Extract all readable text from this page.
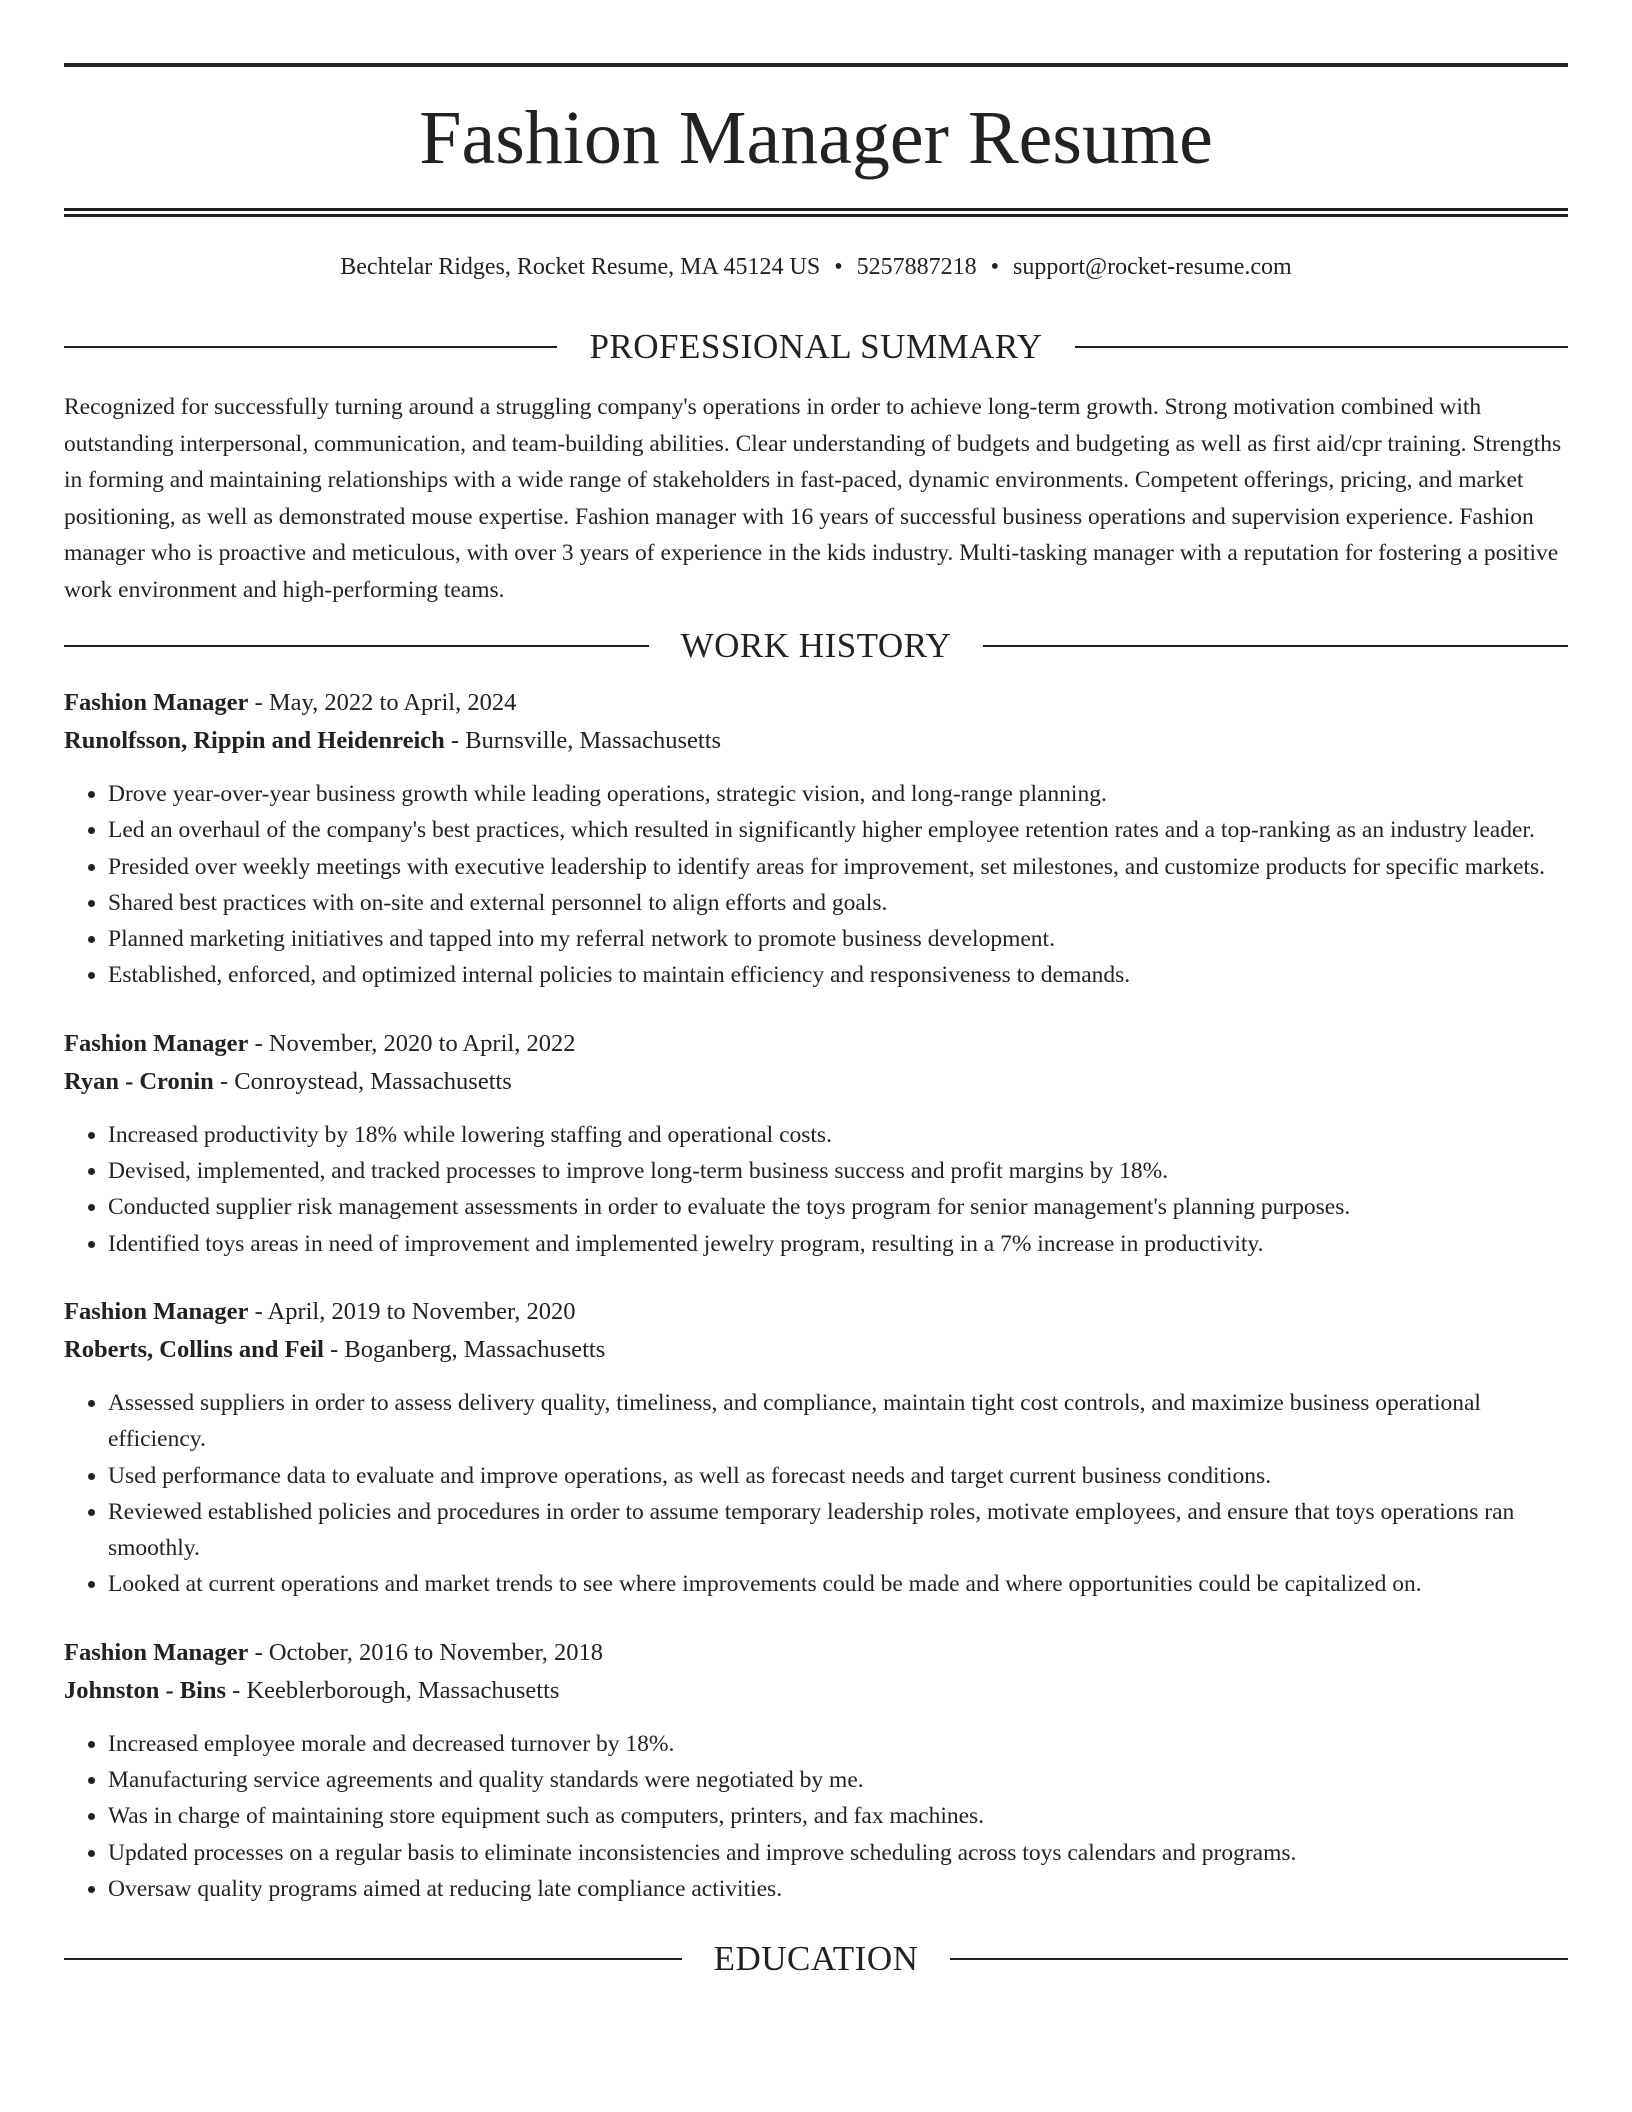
Fashion Manager Resume
Bechtelar Ridges, Rocket Resume, MA 45124 US • 5257887218 • support@rocket-resume.com
PROFESSIONAL SUMMARY
Recognized for successfully turning around a struggling company's operations in order to achieve long-term growth. Strong motivation combined with outstanding interpersonal, communication, and team-building abilities. Clear understanding of budgets and budgeting as well as first aid/cpr training. Strengths in forming and maintaining relationships with a wide range of stakeholders in fast-paced, dynamic environments. Competent offerings, pricing, and market positioning, as well as demonstrated mouse expertise. Fashion manager with 16 years of successful business operations and supervision experience. Fashion manager who is proactive and meticulous, with over 3 years of experience in the kids industry. Multi-tasking manager with a reputation for fostering a positive work environment and high-performing teams.
WORK HISTORY
Fashion Manager - May, 2022 to April, 2024
Runolfsson, Rippin and Heidenreich - Burnsville, Massachusetts
• Drove year-over-year business growth while leading operations, strategic vision, and long-range planning.
• Led an overhaul of the company's best practices, which resulted in significantly higher employee retention rates and a top-ranking as an industry leader.
• Presided over weekly meetings with executive leadership to identify areas for improvement, set milestones, and customize products for specific markets.
• Shared best practices with on-site and external personnel to align efforts and goals.
• Planned marketing initiatives and tapped into my referral network to promote business development.
• Established, enforced, and optimized internal policies to maintain efficiency and responsiveness to demands.
Fashion Manager - November, 2020 to April, 2022
Ryan - Cronin - Conroystead, Massachusetts
• Increased productivity by 18% while lowering staffing and operational costs.
• Devised, implemented, and tracked processes to improve long-term business success and profit margins by 18%.
• Conducted supplier risk management assessments in order to evaluate the toys program for senior management's planning purposes.
• Identified toys areas in need of improvement and implemented jewelry program, resulting in a 7% increase in productivity.
Fashion Manager - April, 2019 to November, 2020
Roberts, Collins and Feil - Boganberg, Massachusetts
• Assessed suppliers in order to assess delivery quality, timeliness, and compliance, maintain tight cost controls, and maximize business operational efficiency.
• Used performance data to evaluate and improve operations, as well as forecast needs and target current business conditions.
• Reviewed established policies and procedures in order to assume temporary leadership roles, motivate employees, and ensure that toys operations ran smoothly.
• Looked at current operations and market trends to see where improvements could be made and where opportunities could be capitalized on.
Fashion Manager - October, 2016 to November, 2018
Johnston - Bins - Keeblerborough, Massachusetts
• Increased employee morale and decreased turnover by 18%.
• Manufacturing service agreements and quality standards were negotiated by me.
• Was in charge of maintaining store equipment such as computers, printers, and fax machines.
• Updated processes on a regular basis to eliminate inconsistencies and improve scheduling across toys calendars and programs.
• Oversaw quality programs aimed at reducing late compliance activities.
EDUCATION
